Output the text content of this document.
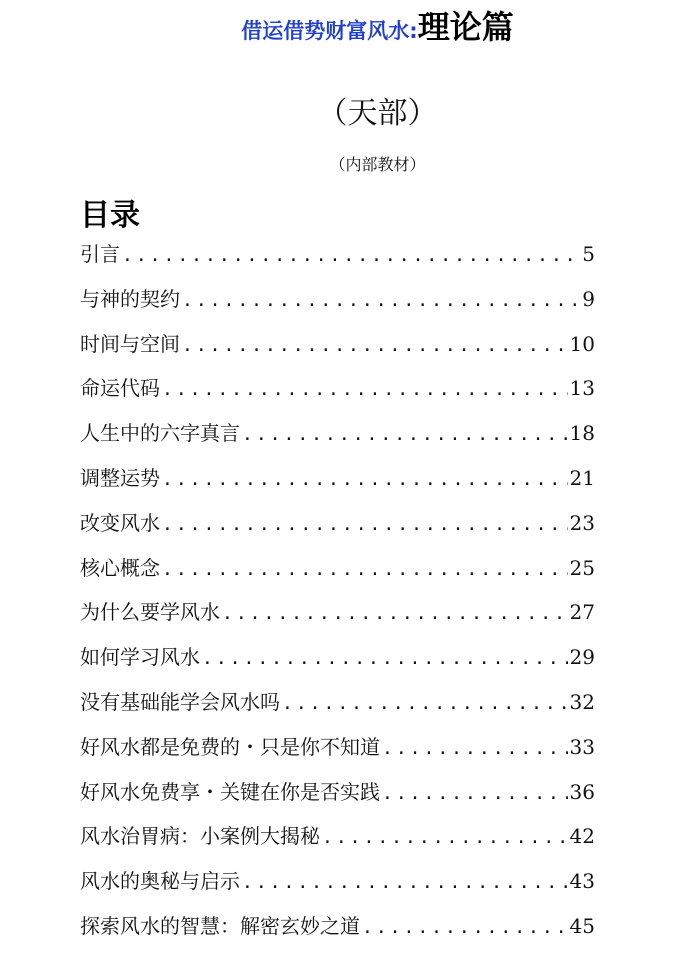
借运借势财富风水:理论篇
（天部）
（内部教材）
目录
引言 .....	5
与神的契约 .....	9
时间与空间 .....	10
命运代码 .....	13
人生中的六字真言 .....	18
调整运势 .....	21
改变风水 .....	23
核心概念 .....	25
为什么要学风水 .....	27
如何学习风水 .....	29
没有基础能学会风水吗 .....	32
好风水都是免费的・只是你不知道 .....	33
好风水免费享・关键在你是否实践 .....	36
风水治胃病：小案例大揭秘 .....	42
风水的奥秘与启示 .....	43
探索风水的智慧：解密玄妙之道 .....	45
